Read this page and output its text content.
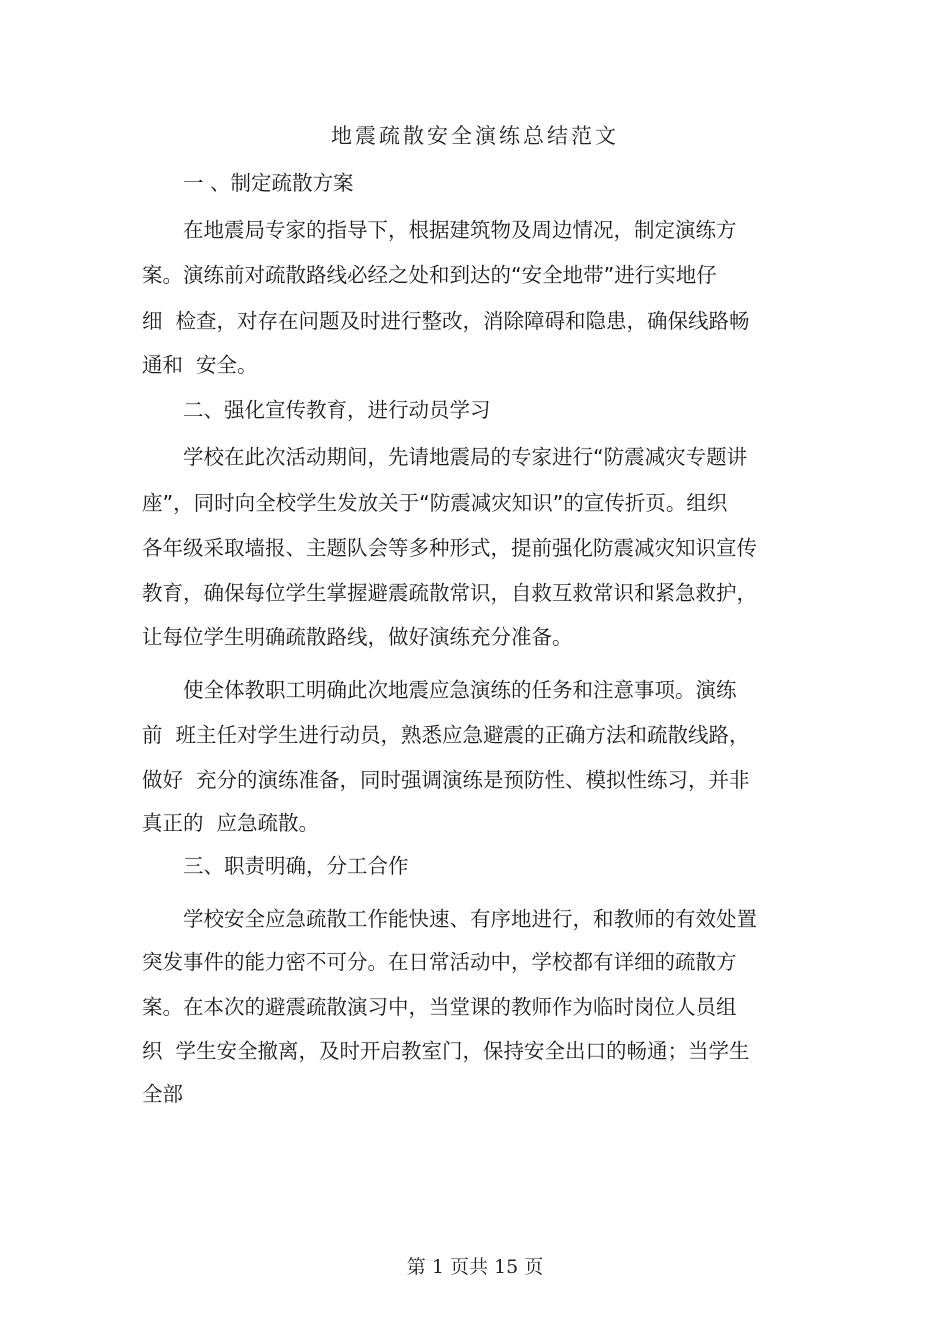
地震疏散安全演练总结范文
　　一 、制定疏散方案
　　在地震局专家的指导下，根据建筑物及周边情况，制定演练方
案。演练前对疏散路线必经之处和到达的“安全地带”进行实地仔
细  检查，对存在问题及时进行整改，消除障碍和隐患，确保线路畅
通和  安全。
　　二、强化宣传教育，进行动员学习
　　学校在此次活动期间，先请地震局的专家进行“防震减灾专题讲
座”，同时向全校学生发放关于“防震减灾知识”的宣传折页。组织
各年级采取墙报、主题队会等多种形式，提前强化防震减灾知识宣传
教育，确保每位学生掌握避震疏散常识，自救互救常识和紧急救护，
让每位学生明确疏散路线，做好演练充分准备。
　　使全体教职工明确此次地震应急演练的任务和注意事项。演练
前  班主任对学生进行动员，熟悉应急避震的正确方法和疏散线路，
做好  充分的演练准备，同时强调演练是预防性、模拟性练习，并非
真正的  应急疏散。
　　三、职责明确，分工合作
　　学校安全应急疏散工作能快速、有序地进行，和教师的有效处置
突发事件的能力密不可分。在日常活动中，学校都有详细的疏散方
案。在本次的避震疏散演习中，当堂课的教师作为临时岗位人员组
织  学生安全撤离，及时开启教室门，保持安全出口的畅通；当学生
全部
第 1 页共 15 页
